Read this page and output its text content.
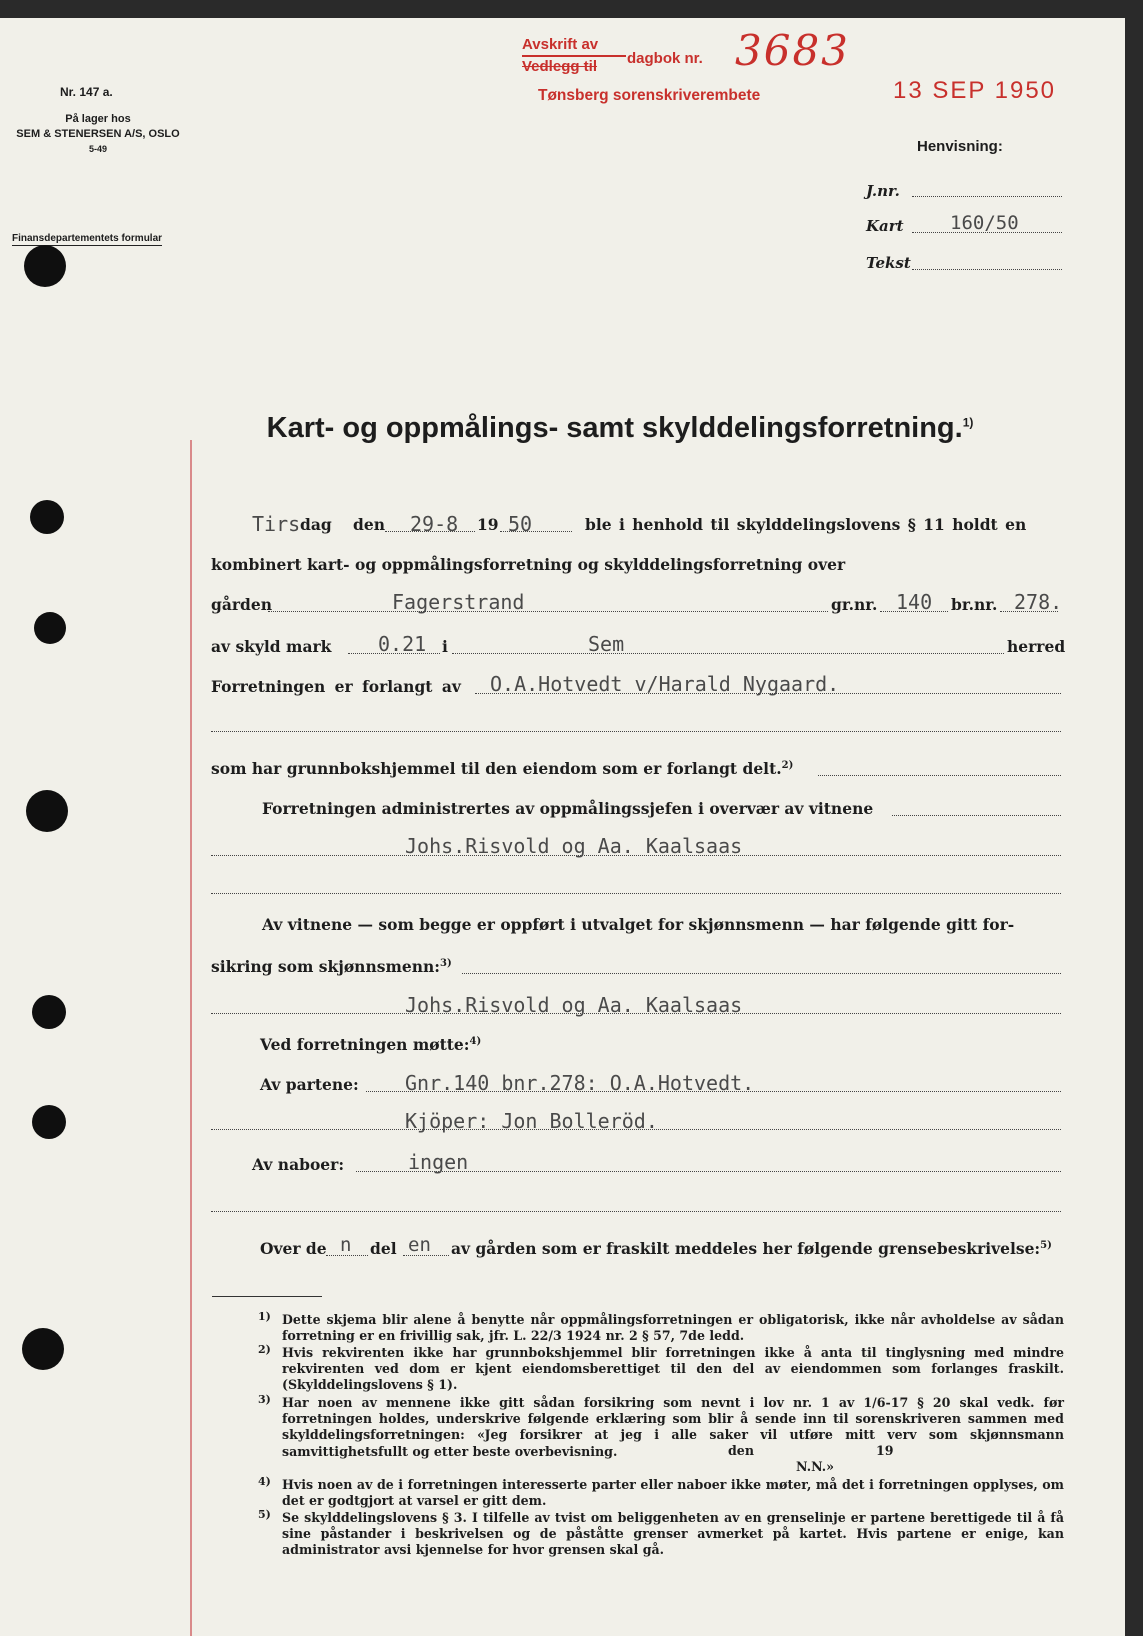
Nr. 147 a.
På lager hos
SEM & STENERSEN A/S, OSLO
5-49
Finansdepartementets formular
Avskrift av
Vedlegg til dagbok nr. 3683
Tønsberg sorenskriverembete	13 SEP 1950
Henvisning:
J.nr.
Kart 160/50
Tekst
Kart- og oppmålings- samt skylddelingsforretning.$^{1)}$
Tirs dag den 29-8 19 50	ble i henhold til skylddelingslovens § 11 holdt en
kombinert kart- og oppmålingsforretning og skylddelingsforretning over
gården	Fagerstrand	gr.nr. 140 br.nr. 278.
av skyld mark 0.21 i	Sem	herred
Forretningen er forlangt av O.A.Hotvedt v/Harald Nygaard.
som har grunnbokshjemmel til den eiendom som er forlangt delt.$^{2)}$
Forretningen administrertes av oppmålingssjefen i overvær av vitnene
Johs.Risvold og Aa. Kaalsaas
Av vitnene — som begge er oppført i utvalget for skjønnsmenn — har følgende gitt for-
sikring som skjønnsmenn:$^{3)}$
Johs.Risvold og Aa. Kaalsaas
Ved forretningen møtte:$^{4)}$
Av partene: Gnr.140 bnr.278: O.A.Hotvedt.
Kjöper: Jon Bolleröd.
Av naboer:	ingen
Over de n del en av gården som er fraskilt meddeles her følgende grensebeskrivelse:$^{5)}$
1) Dette skjema blir alene å benytte når oppmålingsforretningen er obligatorisk, ikke når avholdelse av sådan forretning er en frivillig sak, jfr. L. 22/3 1924 nr. 2 § 57, 7de ledd.
2) Hvis rekvirenten ikke har grunnbokshjemmel blir forretningen ikke å anta til tinglysning med mindre rekvirenten ved dom er kjent eiendomsberettiget til den del av eiendommen som forlanges fraskilt. (Skylddelingslovens § 1).
3) Har noen av mennene ikke gitt sådan forsikring som nevnt i lov nr. 1 av 1/6-17 § 20 skal vedk. før forretningen holdes, underskrive følgende erklæring som blir å sende inn til sorenskriveren sammen med skylddelingsforretningen: «Jeg forsikrer at jeg i alle saker vil utføre mitt verv som skjønnsmann samvittighetsfullt og etter beste overbevisning.	den	19
N.N.»
4) Hvis noen av de i forretningen interesserte parter eller naboer ikke møter, må det i forretningen opplyses, om det er godtgjort at varsel er gitt dem.
5) Se skylddelingslovens § 3. I tilfelle av tvist om beliggenheten av en grenselinje er partene berettigede til å få sine påstander i beskrivelsen og de påståtte grenser avmerket på kartet. Hvis partene er enige, kan administrator avsi kjennelse for hvor grensen skal gå.
